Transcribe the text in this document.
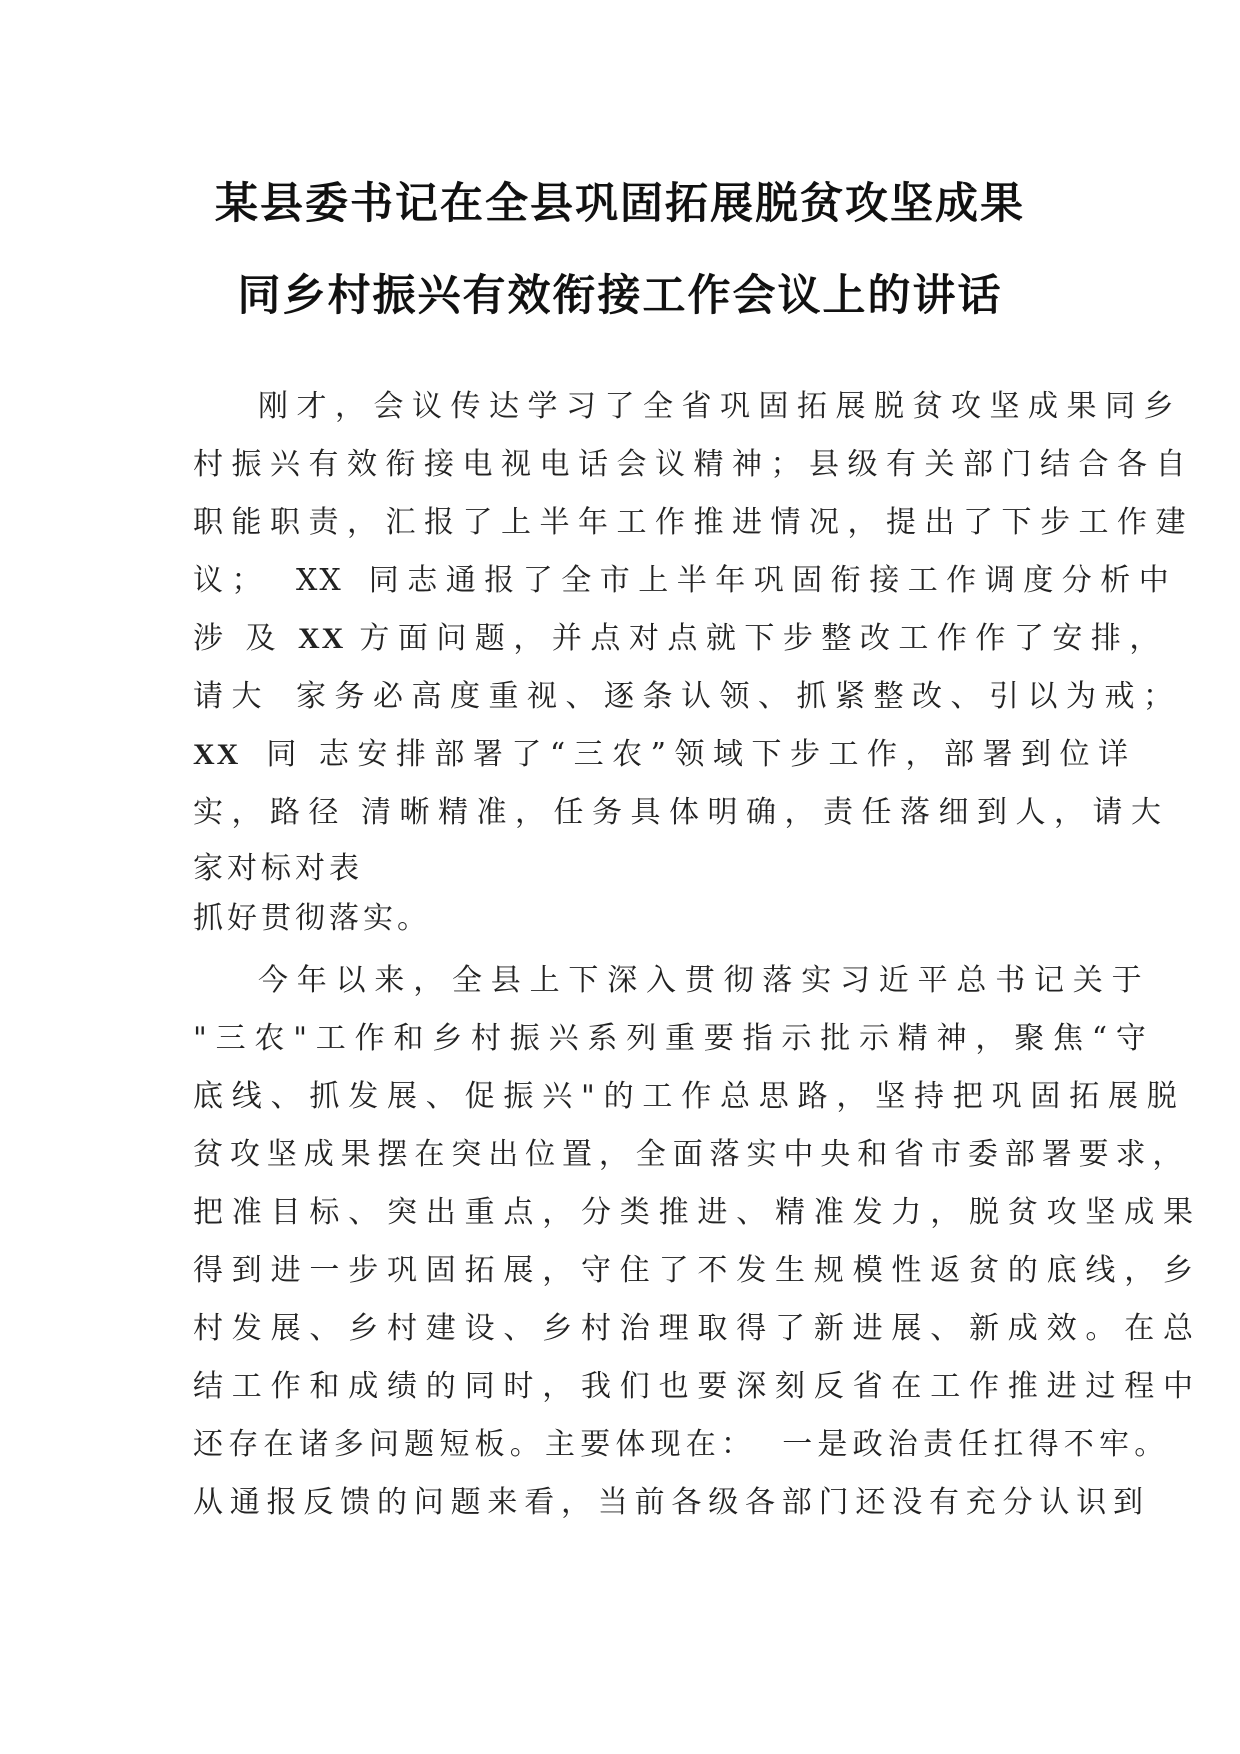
某县委书记在全县巩固拓展脱贫攻坚成果
同乡村振兴有效衔接工作会议上的讲话
刚才，会议传达学习了全省巩固拓展脱贫攻坚成果同乡
村振兴有效衔接电视电话会议精神；县级有关部门结合各自
职能职责，汇报了上半年工作推进情况，提出了下步工作建
议； XX 同志通报了全市上半年巩固衔接工作调度分析中
涉 及 XX 方面问题，并点对点就下步整改工作作了安排，
请大 家务必高度重视、逐条认领、抓紧整改、引以为戒；
XX 同 志安排部署了“三农”领域下步工作，部署到位详
实，路径 清晰精准，任务具体明确，责任落细到人，请大
家对标对表
抓好贯彻落实。
今年以来，全县上下深入贯彻落实习近平总书记关于
"三农"工作和乡村振兴系列重要指示批示精神，聚焦“守
底线、抓发展、促振兴"的工作总思路，坚持把巩固拓展脱
贫攻坚成果摆在突出位置，全面落实中央和省市委部署要求，
把准目标、突出重点，分类推进、精准发力，脱贫攻坚成果
得到进一步巩固拓展，守住了不发生规模性返贫的底线，乡
村发展、乡村建设、乡村治理取得了新进展、新成效。在总
结工作和成绩的同时，我们也要深刻反省在工作推进过程中
还存在诸多问题短板。主要体现在： 一是政治责任扛得不牢。
从通报反馈的问题来看，当前各级各部门还没有充分认识到
